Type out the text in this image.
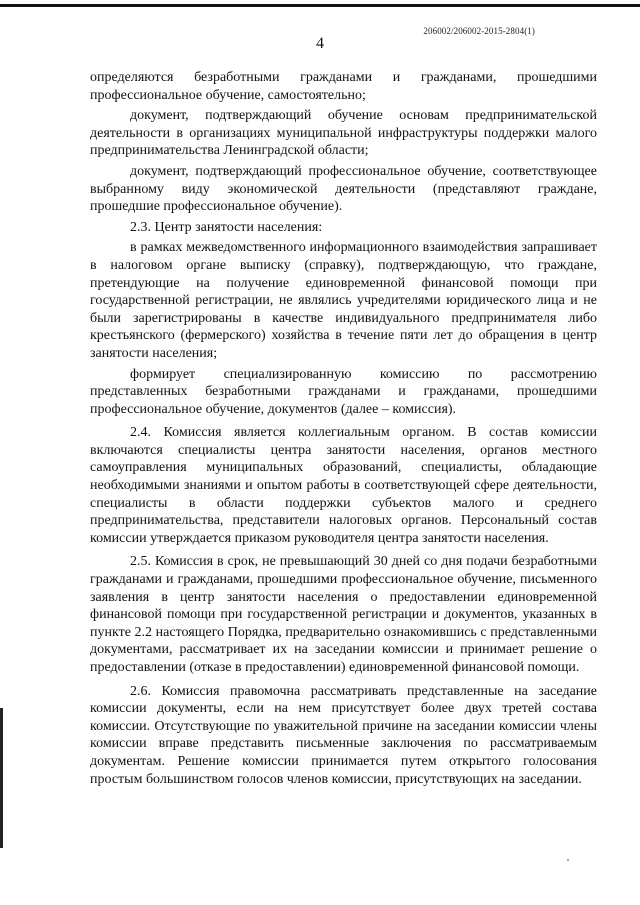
206002/206002-2015-2804(1)
4

определяются безработными гражданами и гражданами, прошедшими профессиональное обучение, самостоятельно;

документ, подтверждающий обучение основам предпринимательской деятельности в организациях муниципальной инфраструктуры поддержки малого предпринимательства Ленинградской области;

документ, подтверждающий профессиональное обучение, соответствующее выбранному виду экономической деятельности (представляют граждане, прошедшие профессиональное обучение).

2.3. Центр занятости населения:

в рамках межведомственного информационного взаимодействия запрашивает в налоговом органе выписку (справку), подтверждающую, что граждане, претендующие на получение единовременной финансовой помощи при государственной регистрации, не являлись учредителями юридического лица и не были зарегистрированы в качестве индивидуального предпринимателя либо крестьянского (фермерского) хозяйства в течение пяти лет до обращения в центр занятости населения;

формирует специализированную комиссию по рассмотрению представленных безработными гражданами и гражданами, прошедшими профессиональное обучение, документов (далее – комиссия).

2.4. Комиссия является коллегиальным органом. В состав комиссии включаются специалисты центра занятости населения, органов местного самоуправления муниципальных образований, специалисты, обладающие необходимыми знаниями и опытом работы в соответствующей сфере деятельности, специалисты в области поддержки субъектов малого и среднего предпринимательства, представители налоговых органов. Персональный состав комиссии утверждается приказом руководителя центра занятости населения.

2.5. Комиссия в срок, не превышающий 30 дней со дня подачи безработными гражданами и гражданами, прошедшими профессиональное обучение, письменного заявления в центр занятости населения о предоставлении единовременной финансовой помощи при государственной регистрации и документов, указанных в пункте 2.2 настоящего Порядка, предварительно ознакомившись с представленными документами, рассматривает их на заседании комиссии и принимает решение о предоставлении (отказе в предоставлении) единовременной финансовой помощи.

2.6. Комиссия правомочна рассматривать представленные на заседание комиссии документы, если на нем присутствует более двух третей состава комиссии. Отсутствующие по уважительной причине на заседании комиссии члены комиссии вправе представить письменные заключения по рассматриваемым документам. Решение комиссии принимается путем открытого голосования простым большинством голосов членов комиссии, присутствующих на заседании.
